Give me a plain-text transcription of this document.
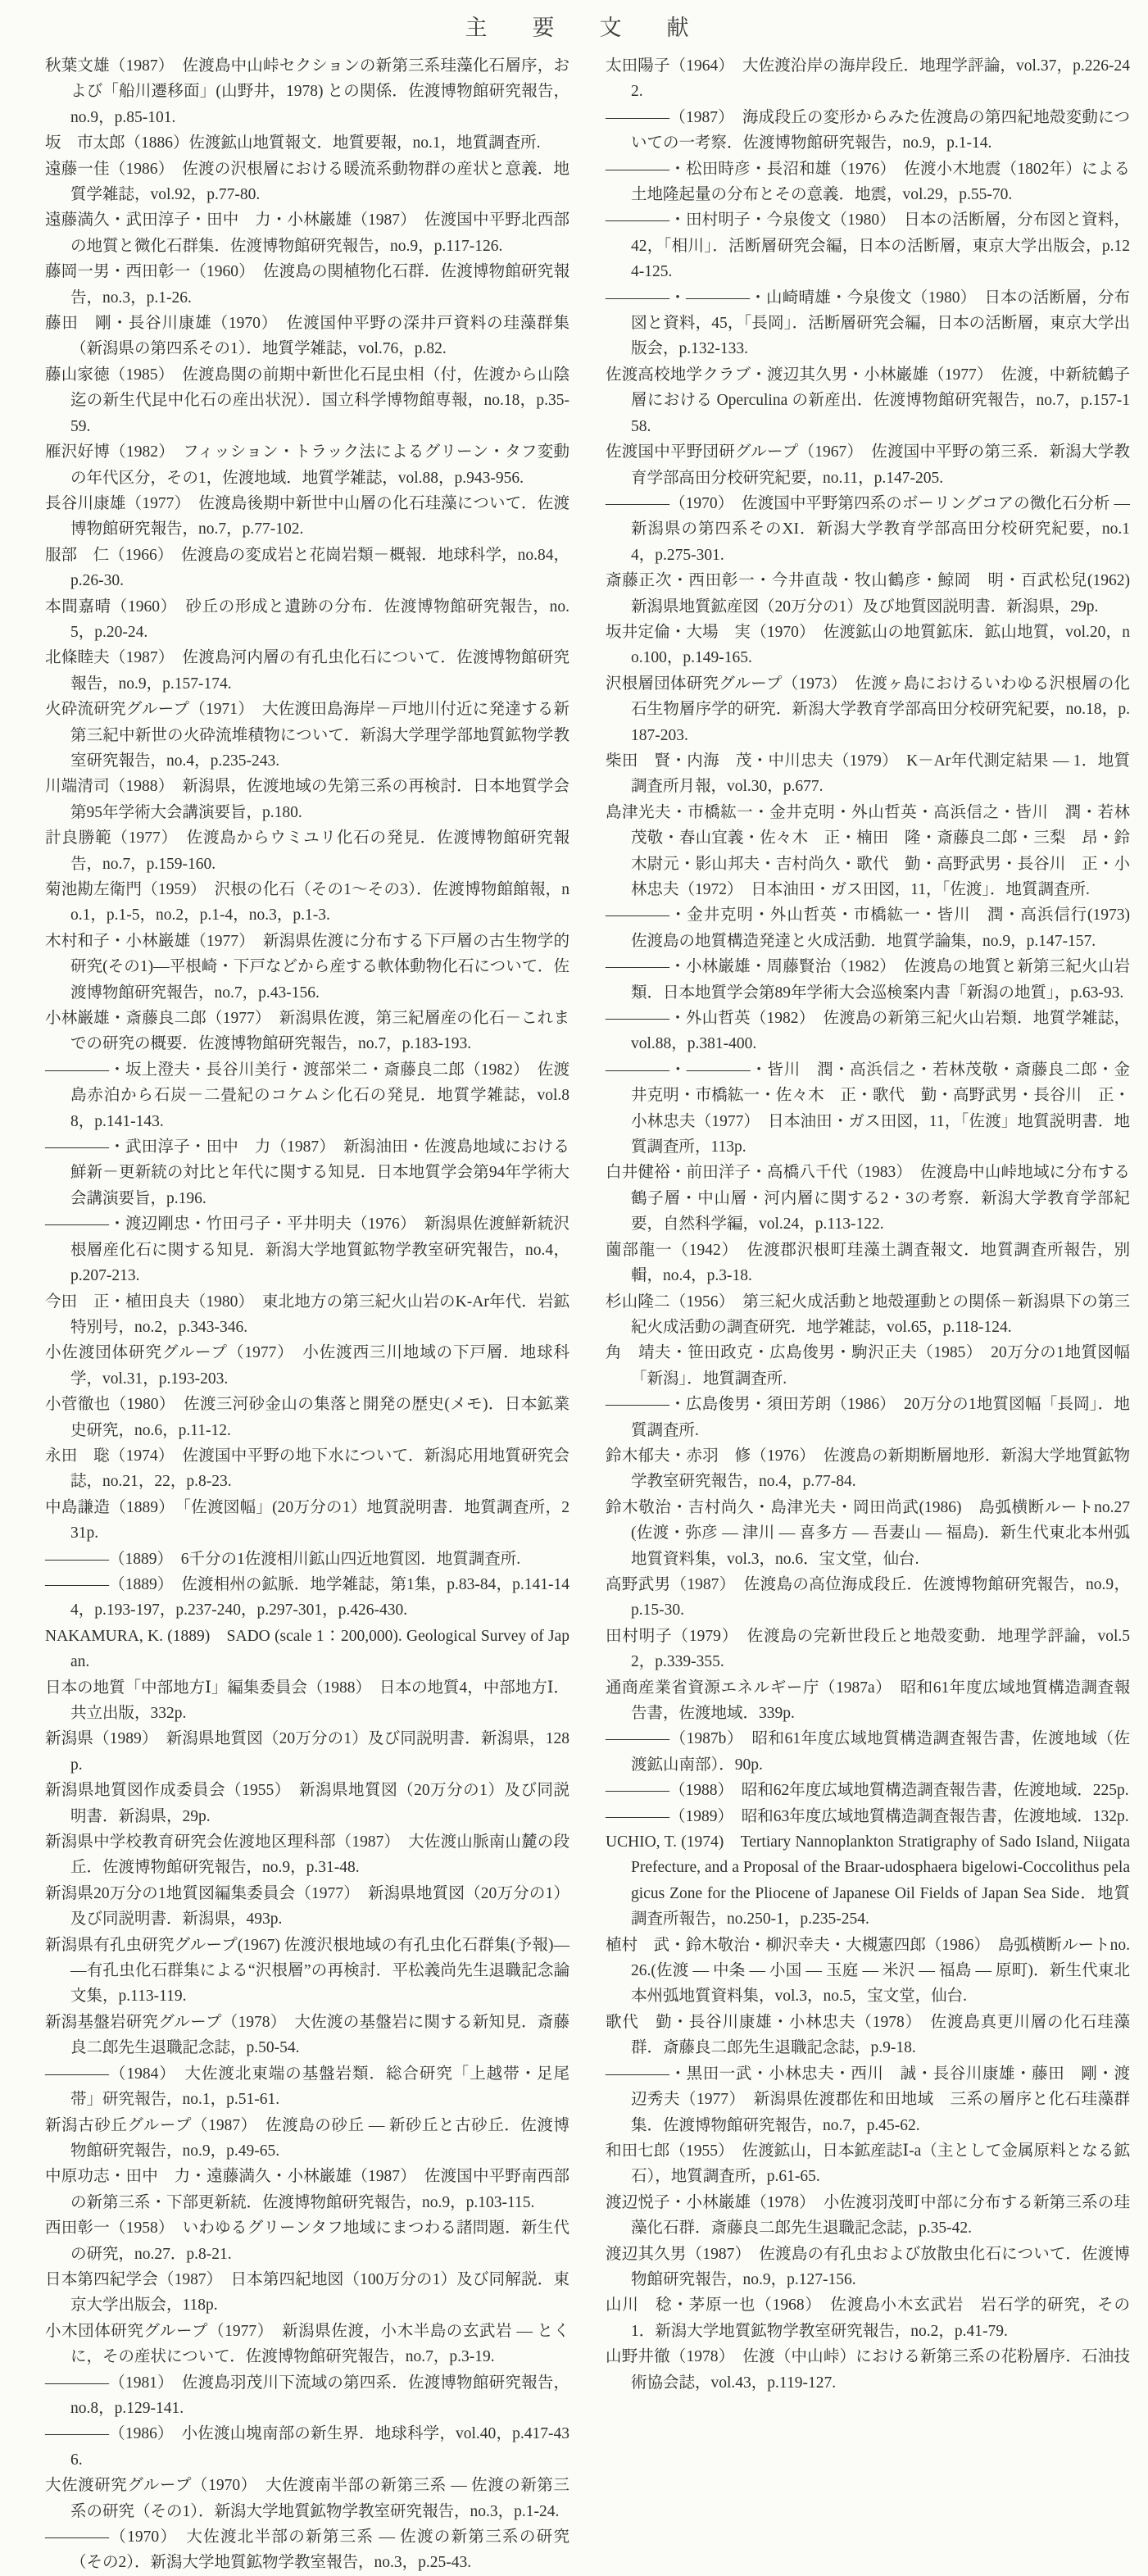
主　要　文　献

秋葉文雄（1987）　佐渡島中山峠セクションの新第三系珪藻化石層序，および「船川遷移面」(山野井，1978) との関係．佐渡博物館研究報告，no.9，p.85-101.

坂　市太郎（1886）佐渡鉱山地質報文．地質要報，no.1，地質調査所.

遠藤一佳（1986）　佐渡の沢根層における暖流系動物群の産状と意義．地質学雑誌，vol.92，p.77-80.

遠藤満久・武田淳子・田中　力・小林巌雄（1987）　佐渡国中平野北西部の地質と微化石群集．佐渡博物館研究報告，no.9，p.117-126.

藤岡一男・西田彰一（1960）　佐渡島の関植物化石群．佐渡博物館研究報告，no.3，p.1-26.

藤田　剛・長谷川康雄（1970）　佐渡国仲平野の深井戸資料の珪藻群集（新潟県の第四系その1）．地質学雑誌，vol.76，p.82.

藤山家徳（1985）　佐渡島関の前期中新世化石昆虫相（付，佐渡から山陰迄の新生代昆中化石の産出状況）．国立科学博物館専報，no.18，p.35-59.

雁沢好博（1982）　フィッション・トラック法によるグリーン・タフ変動の年代区分，その1，佐渡地域．地質学雑誌，vol.88，p.943-956.

長谷川康雄（1977）　佐渡島後期中新世中山層の化石珪藻について．佐渡博物館研究報告，no.7，p.77-102.

服部　仁（1966）　佐渡島の変成岩と花崗岩類－概報．地球科学，no.84，p.26-30.

本間嘉晴（1960）　砂丘の形成と遺跡の分布．佐渡博物館研究報告，no.5，p.20-24.

北條睦夫（1987）　佐渡島河内層の有孔虫化石について．佐渡博物館研究報告，no.9，p.157-174.

火砕流研究グループ（1971）　大佐渡田島海岸－戸地川付近に発達する新第三紀中新世の火砕流堆積物について．新潟大学理学部地質鉱物学教室研究報告，no.4，p.235-243.

川端清司（1988）　新潟県，佐渡地域の先第三系の再検討．日本地質学会第95年学術大会講演要旨，p.180.

計良勝範（1977）　佐渡島からウミユリ化石の発見．佐渡博物館研究報告，no.7，p.159-160.

菊池勘左衛門（1959）　沢根の化石（その1～その3）．佐渡博物館館報，no.1，p.1-5，no.2，p.1-4，no.3，p.1-3.

木村和子・小林巌雄（1977）　新潟県佐渡に分布する下戸層の古生物学的研究(その1)―平根崎・下戸などから産する軟体動物化石について．佐渡博物館研究報告，no.7，p.43-156.

小林巌雄・斎藤良二郎（1977）　新潟県佐渡，第三紀層産の化石－これまでの研究の概要．佐渡博物館研究報告，no.7，p.183-193.

――――・坂上澄夫・長谷川美行・渡部栄二・斎藤良二郎（1982）　佐渡島赤泊から石炭－二畳紀のコケムシ化石の発見．地質学雑誌，vol.88，p.141-143.

――――・武田淳子・田中　力（1987）　新潟油田・佐渡島地域における鮮新－更新統の対比と年代に関する知見．日本地質学会第94年学術大会講演要旨，p.196.

――――・渡辺剛忠・竹田弓子・平井明夫（1976）　新潟県佐渡鮮新統沢根層産化石に関する知見．新潟大学地質鉱物学教室研究報告，no.4，p.207-213.

今田　正・植田良夫（1980）　東北地方の第三紀火山岩のK-Ar年代．岩鉱特別号，no.2，p.343-346.

小佐渡団体研究グループ（1977）　小佐渡西三川地域の下戸層．地球科学，vol.31，p.193-203.

小菅徹也（1980）　佐渡三河砂金山の集落と開発の歴史(メモ)．日本鉱業史研究，no.6，p.11-12.

永田　聡（1974）　佐渡国中平野の地下水について．新潟応用地質研究会誌，no.21，22，p.8-23.

中島謙造（1889）　「佐渡図幅」(20万分の1）地質説明書．地質調査所，231p.

――――（1889）　6千分の1佐渡相川鉱山四近地質図．地質調査所.

――――（1889）　佐渡相州の鉱脈．地学雑誌，第1集，p.83-84，p.141-144，p.193-197，p.237-240，p.297-301，p.426-430.

NAKAMURA, K. (1889)　SADO (scale 1：200,000). Geological Survey of Japan.

日本の地質「中部地方Ⅰ」編集委員会（1988）　日本の地質4，中部地方Ⅰ．共立出版，332p.

新潟県（1989）　新潟県地質図（20万分の1）及び同説明書．新潟県，128p.

新潟県地質図作成委員会（1955）　新潟県地質図（20万分の1）及び同説明書．新潟県，29p.

新潟県中学校教育研究会佐渡地区理科部（1987）　大佐渡山脈南山麓の段丘．佐渡博物館研究報告，no.9，p.31-48.

新潟県20万分の1地質図編集委員会（1977）　新潟県地質図（20万分の1）及び同説明書．新潟県，493p.

新潟県有孔虫研究グループ(1967) 佐渡沢根地域の有孔虫化石群集(予報)――有孔虫化石群集による“沢根層”の再検討．平松義尚先生退職記念論文集，p.113-119.

新潟基盤岩研究グループ（1978）　大佐渡の基盤岩に関する新知見．斎藤良二郎先生退職記念誌，p.50-54.

――――（1984）　大佐渡北東端の基盤岩類．総合研究「上越帯・足尾帯」研究報告，no.1，p.51-61.

新潟古砂丘グループ（1987）　佐渡島の砂丘 ― 新砂丘と古砂丘．佐渡博物館研究報告，no.9，p.49-65.

中原功志・田中　力・遠藤満久・小林巌雄（1987）　佐渡国中平野南西部の新第三系・下部更新統．佐渡博物館研究報告，no.9，p.103-115.

西田彰一（1958）　いわゆるグリーンタフ地域にまつわる諸問題．新生代の研究，no.27．p.8-21.

日本第四紀学会（1987）　日本第四紀地図（100万分の1）及び同解説．東京大学出版会，118p.

小木団体研究グループ（1977）　新潟県佐渡，小木半島の玄武岩 ― とくに，その産状について．佐渡博物館研究報告，no.7，p.3-19.

――――（1981）　佐渡島羽茂川下流域の第四系．佐渡博物館研究報告，no.8，p.129-141.

――――（1986）　小佐渡山塊南部の新生界．地球科学，vol.40，p.417-436.

大佐渡研究グループ（1970）　大佐渡南半部の新第三系 ― 佐渡の新第三系の研究（その1）．新潟大学地質鉱物学教室研究報告，no.3，p.1-24.

――――（1970）　大佐渡北半部の新第三系 ― 佐渡の新第三系の研究（その2）．新潟大学地質鉱物学教室報告，no.3，p.25-43.

太田陽子（1964）　大佐渡沿岸の海岸段丘．地理学評論，vol.37，p.226-242.

――――（1987）　海成段丘の変形からみた佐渡島の第四紀地殻変動についての一考察．佐渡博物館研究報告，no.9，p.1-14.

――――・松田時彦・長沼和雄（1976）　佐渡小木地震（1802年）による土地隆起量の分布とその意義．地震，vol.29，p.55-70.

――――・田村明子・今泉俊文（1980）　日本の活断層，分布図と資料，42，「相川」．活断層研究会編，日本の活断層，東京大学出版会，p.124-125.

――――・――――・山崎晴雄・今泉俊文（1980）　日本の活断層，分布図と資料，45，「長岡」．活断層研究会編，日本の活断層，東京大学出版会，p.132-133.

佐渡高校地学クラブ・渡辺其久男・小林巌雄（1977）　佐渡，中新統鶴子層における Operculina の新産出．佐渡博物館研究報告，no.7，p.157-158.

佐渡国中平野団研グループ（1967）　佐渡国中平野の第三系．新潟大学教育学部高田分校研究紀要，no.11，p.147-205.

――――（1970）　佐渡国中平野第四系のボーリングコアの微化石分析 ― 新潟県の第四系そのXI．新潟大学教育学部高田分校研究紀要，no.14，p.275-301.

斎藤正次・西田彰一・今井直哉・牧山鶴彦・鯨岡　明・百武松兒(1962) 新潟県地質鉱産図（20万分の1）及び地質図説明書．新潟県，29p.

坂井定倫・大場　実（1970）　佐渡鉱山の地質鉱床．鉱山地質，vol.20，no.100，p.149-165.

沢根層団体研究グループ（1973）　佐渡ヶ島におけるいわゆる沢根層の化石生物層序学的研究．新潟大学教育学部高田分校研究紀要，no.18，p.187-203.

柴田　賢・内海　茂・中川忠夫（1979）　K－Ar年代測定結果 ― 1．地質調査所月報，vol.30，p.677.

島津光夫・市橋紘一・金井克明・外山哲英・高浜信之・皆川　潤・若林茂敬・春山宜義・佐々木　正・楠田　隆・斎藤良二郎・三梨　昂・鈴木尉元・影山邦夫・吉村尚久・歌代　勤・高野武男・長谷川　正・小林忠夫（1972）　日本油田・ガス田図，11，「佐渡」．地質調査所.

――――・金井克明・外山哲英・市橋紘一・皆川　潤・高浜信行(1973) 佐渡島の地質構造発達と火成活動．地質学論集，no.9，p.147-157.

――――・小林巌雄・周藤賢治（1982）　佐渡島の地質と新第三紀火山岩類．日本地質学会第89年学術大会巡検案内書「新潟の地質」，p.63-93.

――――・外山哲英（1982）　佐渡島の新第三紀火山岩類．地質学雑誌，vol.88，p.381-400.

――――・――――・皆川　潤・高浜信之・若林茂敬・斎藤良二郎・金井克明・市橋紘一・佐々木　正・歌代　勤・高野武男・長谷川　正・小林忠夫（1977）　日本油田・ガス田図，11，「佐渡」地質説明書．地質調査所，113p.

白井健裕・前田洋子・高橋八千代（1983）　佐渡島中山峠地域に分布する鶴子層・中山層・河内層に関する2・3の考察．新潟大学教育学部紀要，自然科学編，vol.24，p.113-122.

薗部龍一（1942）　佐渡郡沢根町珪藻土調査報文．地質調査所報告，別輯，no.4，p.3-18.

杉山隆二（1956）　第三紀火成活動と地殻運動との関係－新潟県下の第三紀火成活動の調査研究．地学雑誌，vol.65，p.118-124.

角　靖夫・笹田政克・広島俊男・駒沢正夫（1985）　20万分の1地質図幅「新潟」．地質調査所.

――――・広島俊男・須田芳朗（1986）　20万分の1地質図幅「長岡」．地質調査所.

鈴木郁夫・赤羽　修（1976）　佐渡島の新期断層地形．新潟大学地質鉱物学教室研究報告，no.4，p.77-84.

鈴木敬治・吉村尚久・島津光夫・岡田尚武(1986)　島弧横断ルートno.27(佐渡・弥彦 ― 津川 ― 喜多方 ― 吾妻山 ― 福島)．新生代東北本州弧地質資料集，vol.3，no.6．宝文堂，仙台.

高野武男（1987）　佐渡島の高位海成段丘．佐渡博物館研究報告，no.9，p.15-30.

田村明子（1979）　佐渡島の完新世段丘と地殻変動．地理学評論，vol.52，p.339-355.

通商産業省資源エネルギー庁（1987a）　昭和61年度広域地質構造調査報告書，佐渡地域．339p.

――――（1987b）　昭和61年度広域地質構造調査報告書，佐渡地域（佐渡鉱山南部）．90p.

――――（1988）　昭和62年度広域地質構造調査報告書，佐渡地域．225p.

――――（1989）　昭和63年度広域地質構造調査報告書，佐渡地域．132p.

UCHIO, T. (1974)　Tertiary Nannoplankton Stratigraphy of Sado Island, Niigata Prefecture, and a Proposal of the Braar-udosphaera bigelowi-Coccolithus pelagicus Zone for the Pliocene of Japanese Oil Fields of Japan Sea Side．地質調査所報告，no.250-1，p.235-254.

植村　武・鈴木敬治・柳沢幸夫・大槻憲四郎（1986）　島弧横断ルートno.26.(佐渡 ― 中条 ― 小国 ― 玉庭 ― 米沢 ― 福島 ― 原町)．新生代東北本州弧地質資料集，vol.3，no.5，宝文堂，仙台.

歌代　勤・長谷川康雄・小林忠夫（1978）　佐渡島真更川層の化石珪藻群．斎藤良二郎先生退職記念誌，p.9-18.

――――・黒田一武・小林忠夫・西川　誠・長谷川康雄・藤田　剛・渡辺秀夫（1977）　新潟県佐渡郡佐和田地域　三系の層序と化石珪藻群集．佐渡博物館研究報告，no.7，p.45-62.

和田七郎（1955）　佐渡鉱山，日本鉱産誌Ⅰ-a（主として金属原料となる鉱石），地質調査所，p.61-65.

渡辺悦子・小林巌雄（1978）　小佐渡羽茂町中部に分布する新第三系の珪藻化石群．斎藤良二郎先生退職記念誌，p.35-42.

渡辺其久男（1987）　佐渡島の有孔虫および放散虫化石について．佐渡博物館研究報告，no.9，p.127-156.

山川　稔・茅原一也（1968）　佐渡島小木玄武岩　岩石学的研究，その1．新潟大学地質鉱物学教室研究報告，no.2，p.41-79.

山野井徹（1978）　佐渡（中山峠）における新第三系の花粉層序．石油技術協会誌，vol.43，p.119-127.
